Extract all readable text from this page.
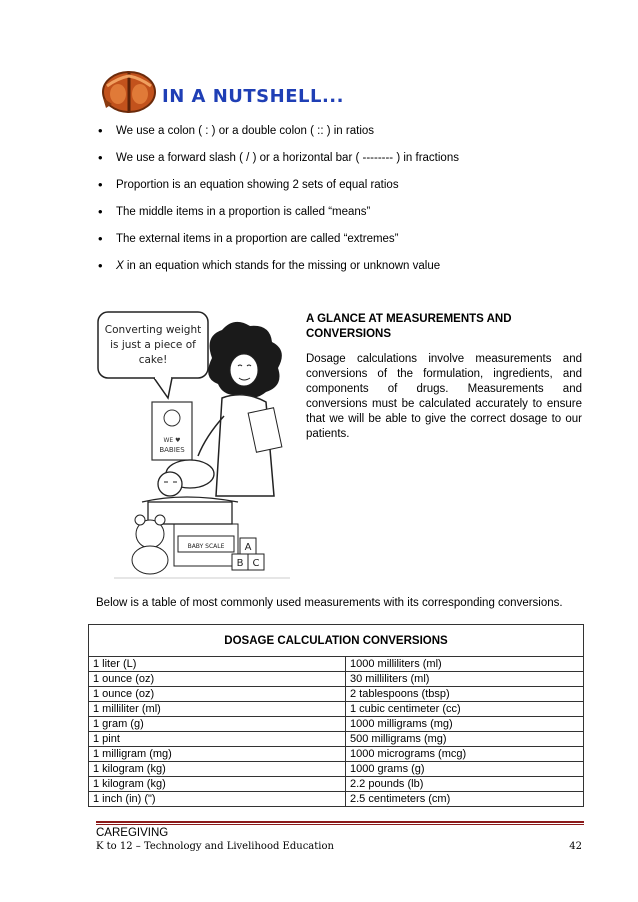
IN A NUTSHELL...
• We use a colon ( : ) or a double colon ( :: ) in ratios
• We use a forward slash ( / ) or a horizontal bar ( -------- ) in fractions
• Proportion is an equation showing 2 sets of equal ratios
• The middle items in a proportion is called “means”
• The external items in a proportion are called “extremes”
• X in an equation which stands for the missing or unknown value
Converting weight
is just a piece of
cake!
WE ♥
BABIES
BABY SCALE A
B C
A GLANCE AT MEASUREMENTS AND CONVERSIONS
Dosage calculations involve measurements and conversions of the formulation, ingredients, and components of drugs. Measurements and conversions must be calculated accurately to ensure that we will be able to give the correct dosage to our patients.
Below is a table of most commonly used measurements with its corresponding conversions.
DOSAGE CALCULATION CONVERSIONS	
1 liter (L)	1000 milliliters (ml)
1 ounce (oz)	30 milliliters (ml)
1 ounce (oz)	2 tablespoons (tbsp)
1 milliliter (ml)	1 cubic centimeter (cc)
1 gram (g)	1000 milligrams (mg)
1 pint	500 milligrams (mg)
1 milligram (mg)	1000 micrograms (mcg)
1 kilogram (kg)	1000 grams (g)
1 kilogram (kg)	2.2 pounds (lb)
1 inch (in) (")	2.5 centimeters (cm)
CAREGIVING
K to 12 – Technology and Livelihood Education	42
